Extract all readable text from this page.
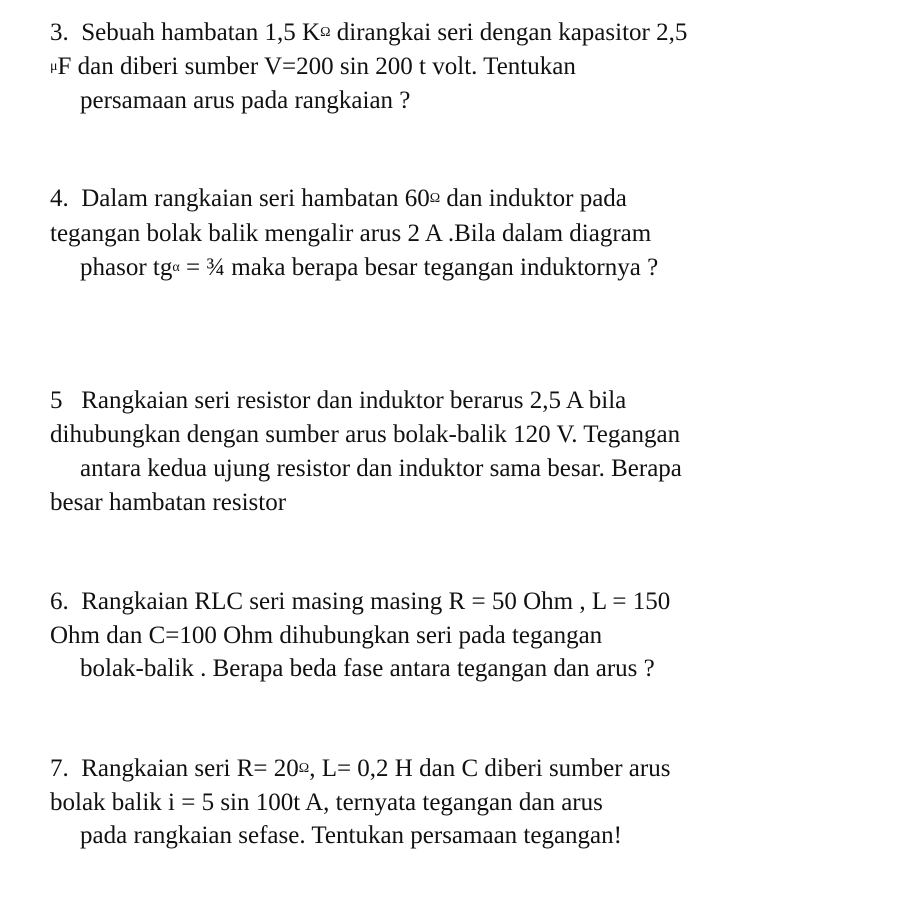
3. Sebuah hambatan 1,5 KΩ dirangkai seri dengan kapasitor 2,5
μF dan diberi sumber V=200 sin 200 t volt. Tentukan
persamaan arus pada rangkaian ?
4. Dalam rangkaian seri hambatan 60Ω dan induktor pada
tegangan bolak balik mengalir arus 2 A .Bila dalam diagram
phasor tgα = ¾ maka berapa besar tegangan induktornya ?
5 Rangkaian seri resistor dan induktor berarus 2,5 A bila
dihubungkan dengan sumber arus bolak-balik 120 V. Tegangan
antara kedua ujung resistor dan induktor sama besar. Berapa
besar hambatan resistor
6. Rangkaian RLC seri masing masing R = 50 Ohm , L = 150
Ohm dan C=100 Ohm dihubungkan seri pada tegangan
bolak-balik . Berapa beda fase antara tegangan dan arus ?
7. Rangkaian seri R= 20Ω, L= 0,2 H dan C diberi sumber arus
bolak balik i = 5 sin 100t A, ternyata tegangan dan arus
pada rangkaian sefase. Tentukan persamaan tegangan!
